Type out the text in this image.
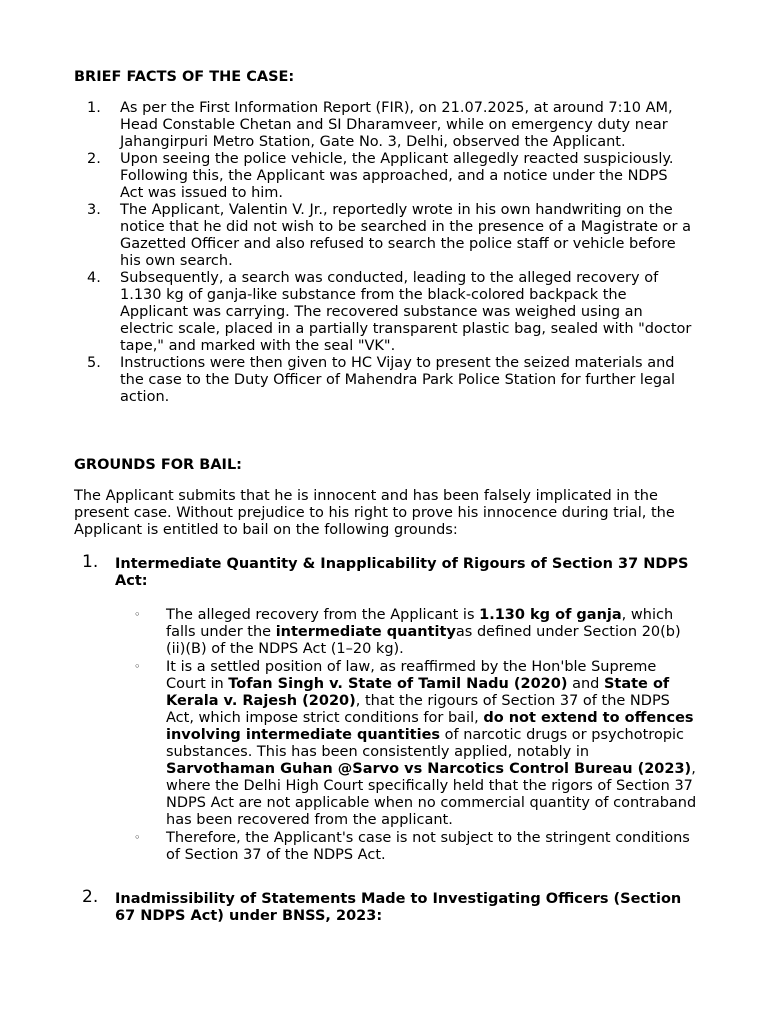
BRIEF FACTS OF THE CASE:

1. As per the First Information Report (FIR), on 21.07.2025, at around 7:10 AM, Head Constable Chetan and SI Dharamveer, while on emergency duty near Jahangirpuri Metro Station, Gate No. 3, Delhi, observed the Applicant.
2. Upon seeing the police vehicle, the Applicant allegedly reacted suspiciously. Following this, the Applicant was approached, and a notice under the NDPS Act was issued to him.
3. The Applicant, Valentin V. Jr., reportedly wrote in his own handwriting on the notice that he did not wish to be searched in the presence of a Magistrate or a Gazetted Officer and also refused to search the police staff or vehicle before his own search.
4. Subsequently, a search was conducted, leading to the alleged recovery of 1.130 kg of ganja-like substance from the black-colored backpack the Applicant was carrying. The recovered substance was weighed using an electric scale, placed in a partially transparent plastic bag, sealed with "doctor tape," and marked with the seal "VK".
5. Instructions were then given to HC Vijay to present the seized materials and the case to the Duty Officer of Mahendra Park Police Station for further legal action.

GROUNDS FOR BAIL:

The Applicant submits that he is innocent and has been falsely implicated in the present case. Without prejudice to his right to prove his innocence during trial, the Applicant is entitled to bail on the following grounds:

1.	Intermediate Quantity & Inapplicability of Rigours of Section 37 NDPS Act:
◦ The alleged recovery from the Applicant is 1.130 kg of ganja, which falls under the intermediate quantityas defined under Section 20(b)(ii)(B) of the NDPS Act (1–20 kg).
◦ It is a settled position of law, as reaffirmed by the Hon'ble Supreme Court in Tofan Singh v. State of Tamil Nadu (2020) and State of Kerala v. Rajesh (2020), that the rigours of Section 37 of the NDPS Act, which impose strict conditions for bail, do not extend to offences involving intermediate quantities of narcotic drugs or psychotropic substances. This has been consistently applied, notably in Sarvothaman Guhan @Sarvo vs Narcotics Control Bureau (2023), where the Delhi High Court specifically held that the rigors of Section 37 NDPS Act are not applicable when no commercial quantity of contraband has been recovered from the applicant.
◦ Therefore, the Applicant's case is not subject to the stringent conditions of Section 37 of the NDPS Act.
2.	Inadmissibility of Statements Made to Investigating Officers (Section 67 NDPS Act) under BNSS, 2023:
